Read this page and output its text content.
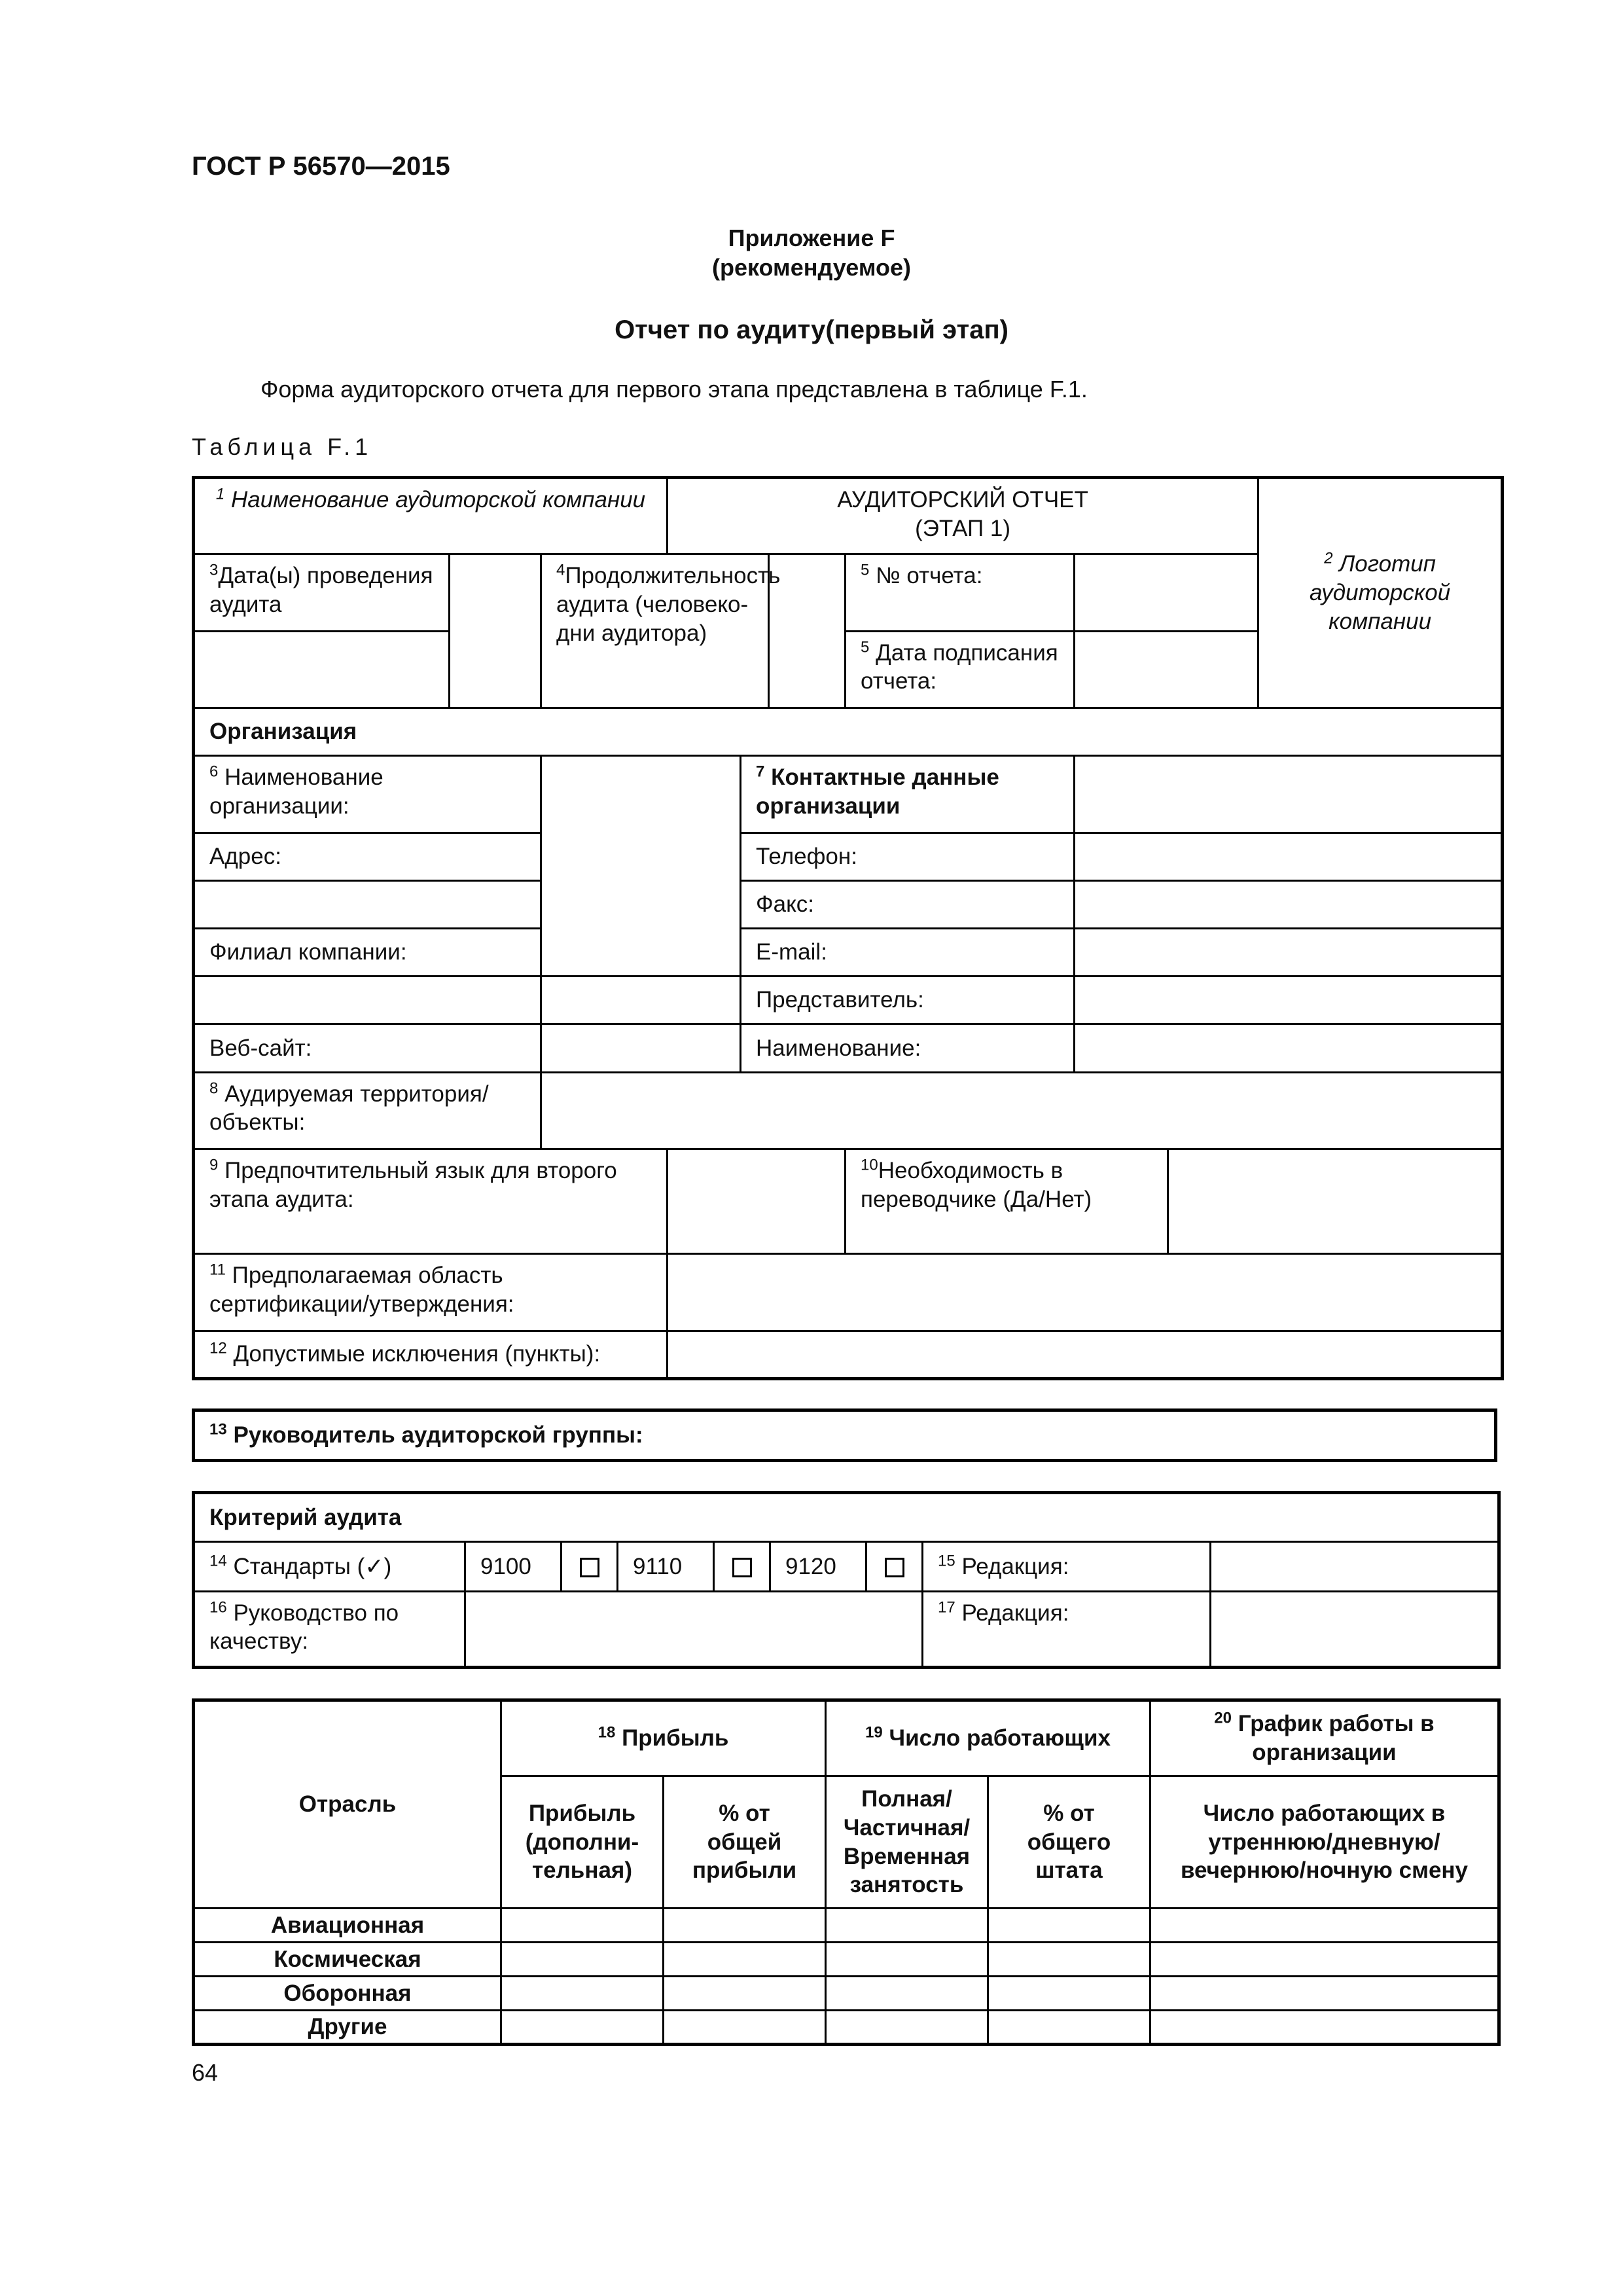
ГОСТ Р 56570—2015
Приложение F
(рекомендуемое)
Отчет по аудиту(первый этап)
Форма аудиторского отчета для первого этапа представлена в таблице F.1.
Таблица F.1
$^1$ Наименование аудиторской компании			АУДИТОРСКИЙ ОТЧЕТ
(ЭТАП 1)						$^2$ Логотип аудиторской компании
$^3$Дата(ы) проведения аудита		$^4$Продолжительность аудита (человеко-дни аудитора)				$^5$ № отчета:			
						$^5$ Дата подписания отчета:			
Организация									
$^6$ Наименование организации:				$^7$ Контактные данные организации					
Адрес:				Телефон:					
				Факс:					
Филиал компании:				E-mail:					
				Представитель:					
Веб-сайт:				Наименование:					
$^8$ Аудируемая территория/объекты:									
$^9$ Предпочтительный язык для второго этапа аудита:						$^{10}$Необходимость в переводчике (Да/Нет)			
$^{11}$ Предполагаемая область сертификации/утверждения:									
$^{12}$ Допустимые исключения (пункты):									
$^{13}$ Руководитель аудиторской группы:
Критерий аудита								
$^{14}$ Стандарты (✓)	9100		9110		9120		$^{15}$ Редакция:	
$^{16}$ Руководство по качеству:							$^{17}$ Редакция:	
Отрасль	$^{18}$ Прибыль		$^{19}$ Число работающих		$^{20}$ График работы в организации
	Прибыль (дополни-тельная)	% от общей прибыли	Полная/ Частичная/ Временная занятость	% от общего штата	Число работающих в утреннюю/дневную/ вечернюю/ночную смену
Авиационная					
Космическая					
Оборонная					
Другие					
64
